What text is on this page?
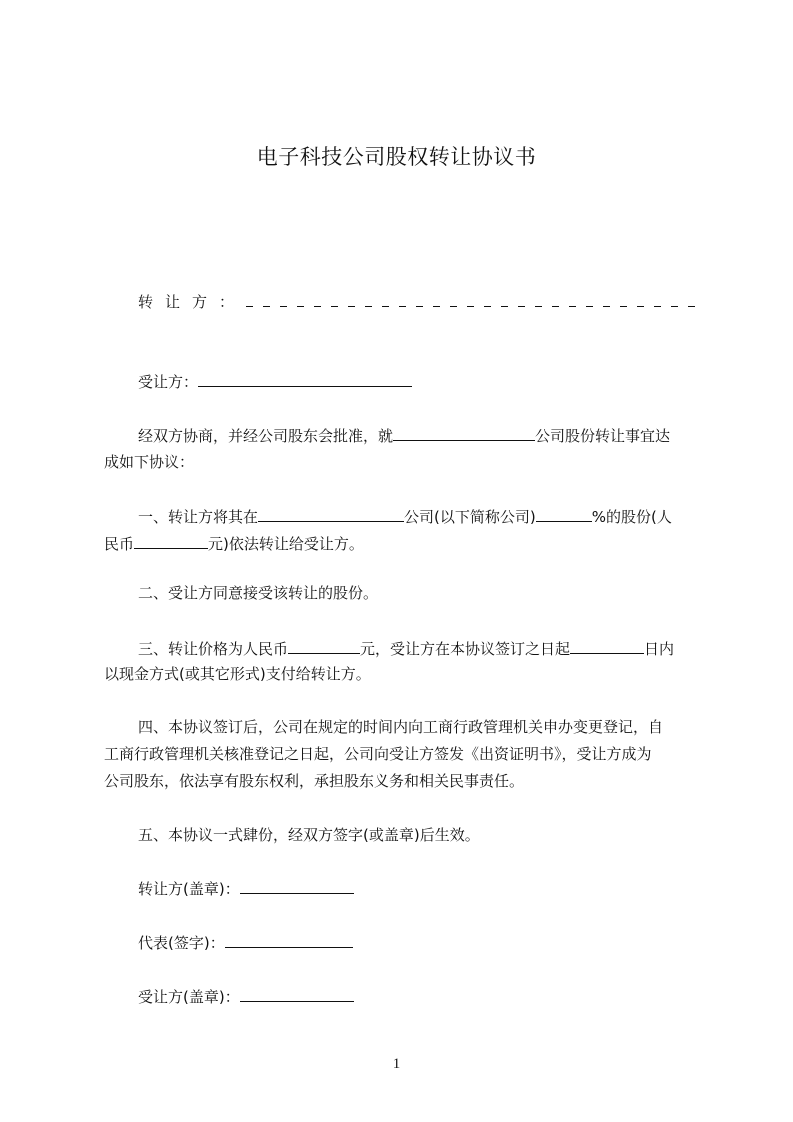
电子科技公司股权转让协议书
转让方：
受让方：
经双方协商，并经公司股东会批准，就	公司股份转让事宜达
成如下协议：
一、转让方将其在	公司(以下简称公司)	%的股份(人
民币	元)依法转让给受让方。
二、受让方同意接受该转让的股份。
三、转让价格为人民币	元，受让方在本协议签订之日起	日内
以现金方式(或其它形式)支付给转让方。
四、本协议签订后，公司在规定的时间内向工商行政管理机关申办变更登记，自
工商行政管理机关核准登记之日起，公司向受让方签发《出资证明书》，受让方成为
公司股东，依法享有股东权利，承担股东义务和相关民事责任。
五、本协议一式肆份，经双方签字(或盖章)后生效。
转让方(盖章)：
代表(签字)：
受让方(盖章)：
1
